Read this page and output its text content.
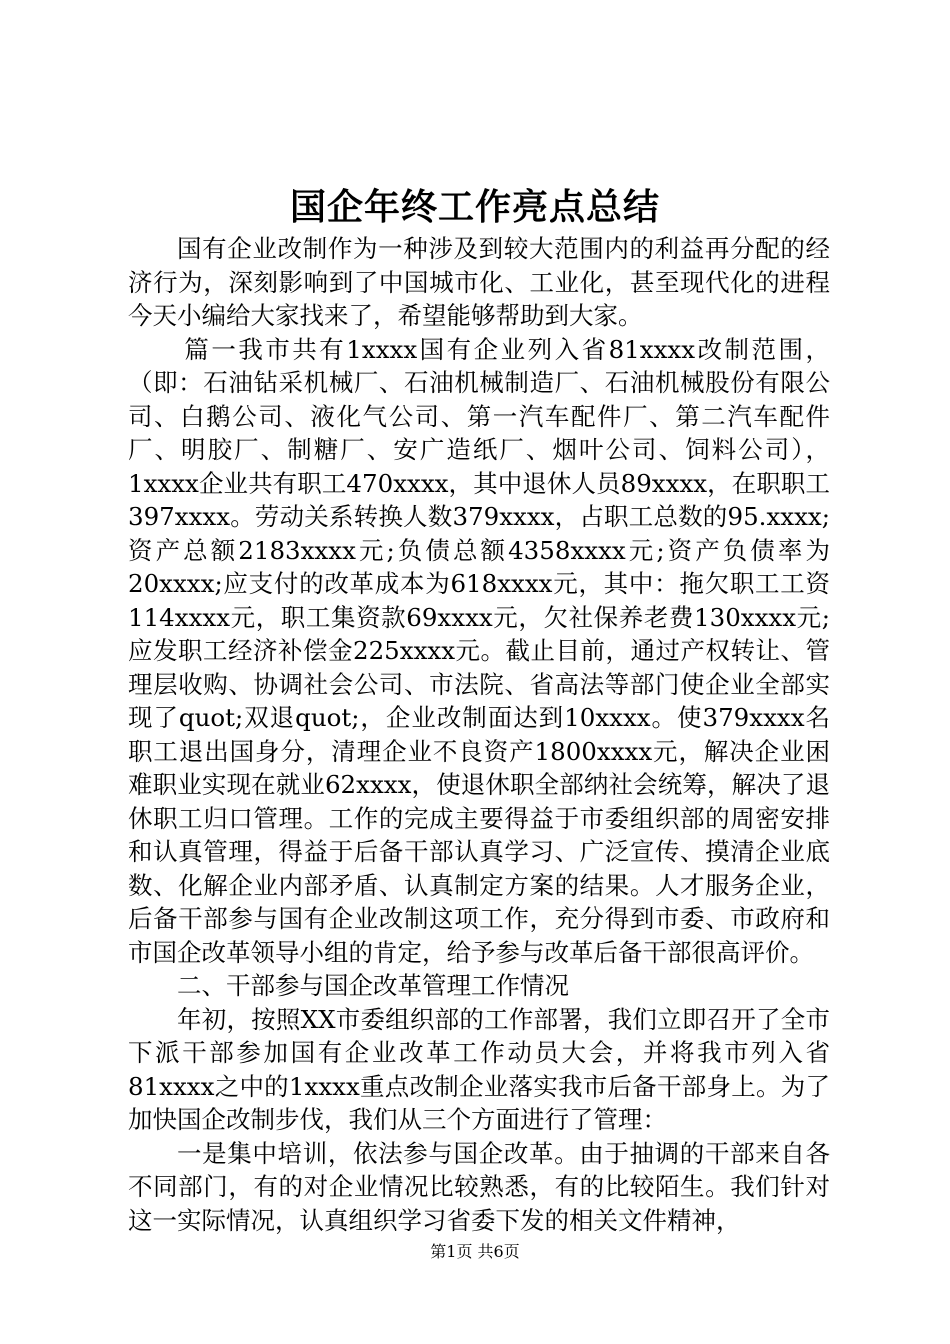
国企年终工作亮点总结

国有企业改制作为一种涉及到较大范围内的利益再分配的经济行为，深刻影响到了中国城市化、工业化，甚至现代化的进程今天小编给大家找来了，希望能够帮助到大家。

篇一我市共有1xxxx国有企业列入省81xxxx改制范围，（即：石油钻采机械厂、石油机械制造厂、石油机械股份有限公司、白鹅公司、液化气公司、第一汽车配件厂、第二汽车配件厂、明胶厂、制糖厂、安广造纸厂、烟叶公司、饲料公司），1xxxx企业共有职工470xxxx，其中退休人员89xxxx，在职职工397xxxx。劳动关系转换人数379xxxx，占职工总数的95.xxxx;资产总额2183xxxx元;负债总额4358xxxx元;资产负债率为20xxxx;应支付的改革成本为618xxxx元，其中：拖欠职工工资114xxxx元，职工集资款69xxxx元，欠社保养老费130xxxx元;应发职工经济补偿金225xxxx元。截止目前，通过产权转让、管理层收购、协调社会公司、市法院、省高法等部门使企业全部实现了quot;双退quot;，企业改制面达到10xxxx。使379xxxx名职工退出国身分，清理企业不良资产1800xxxx元，解决企业困难职业实现在就业62xxxx，使退休职全部纳社会统筹，解决了退休职工归口管理。工作的完成主要得益于市委组织部的周密安排和认真管理，得益于后备干部认真学习、广泛宣传、摸清企业底数、化解企业内部矛盾、认真制定方案的结果。人才服务企业，后备干部参与国有企业改制这项工作，充分得到市委、市政府和市国企改革领导小组的肯定，给予参与改革后备干部很高评价。

二、干部参与国企改革管理工作情况

年初，按照XX市委组织部的工作部署，我们立即召开了全市下派干部参加国有企业改革工作动员大会，并将我市列入省81xxxx之中的1xxxx重点改制企业落实我市后备干部身上。为了加快国企改制步伐，我们从三个方面进行了管理：

一是集中培训，依法参与国企改革。由于抽调的干部来自各不同部门，有的对企业情况比较熟悉，有的比较陌生。我们针对这一实际情况，认真组织学习省委下发的相关文件精神，

第1页 共6页
